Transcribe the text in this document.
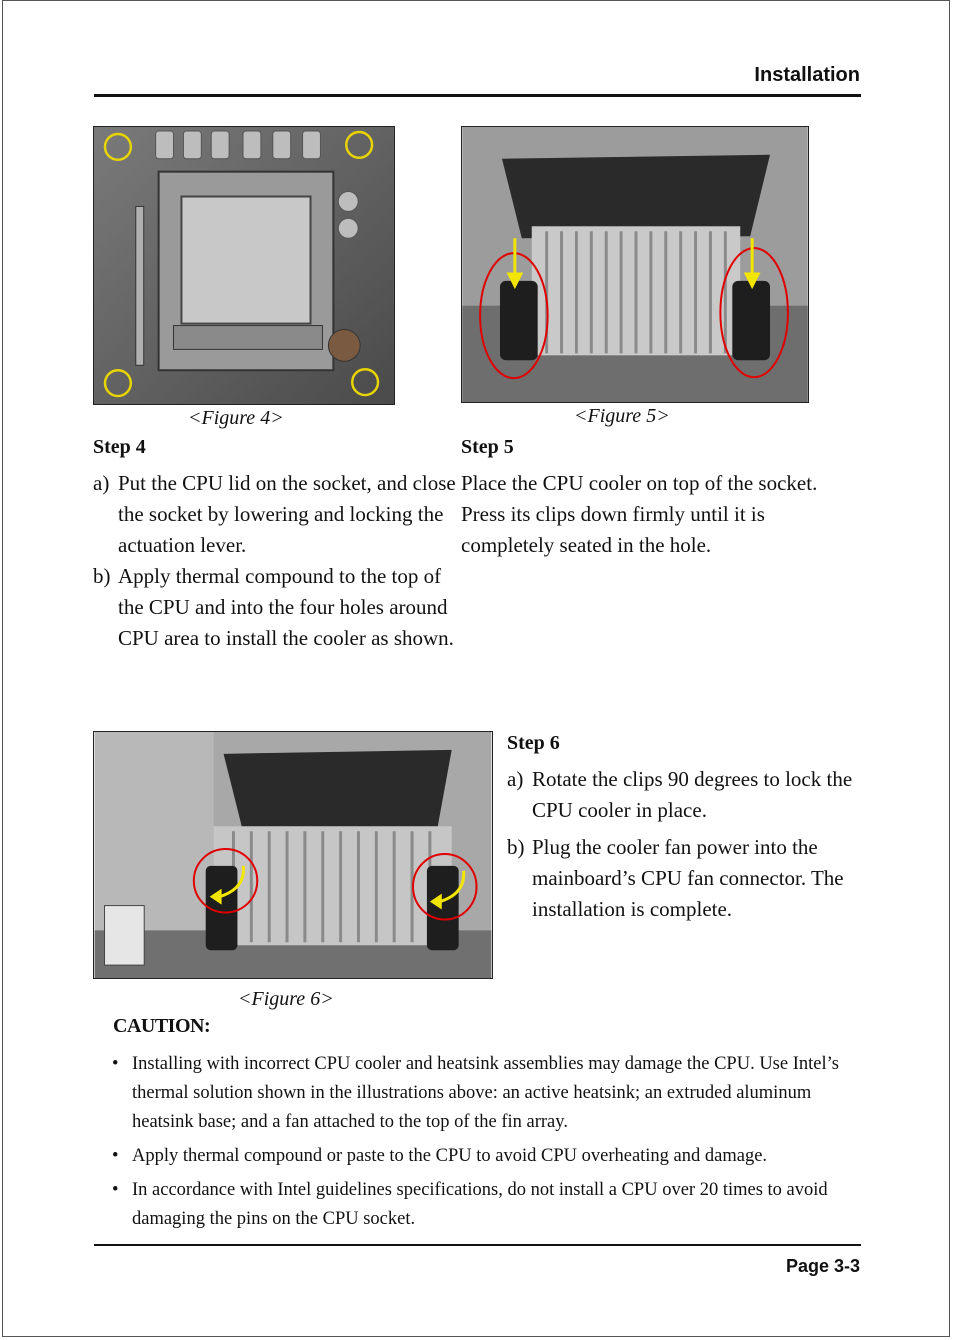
Installation
<Figure 4>	<Figure 5>
Step 4
a) Put the CPU lid on the socket, and close the socket by lowering and locking the actuation lever.
b) Apply thermal compound to the top of the CPU and into the four holes around CPU area to install the cooler as shown.
Step 5
Place the CPU cooler on top of the socket. Press its clips down firmly until it is completely seated in the hole.
<Figure 6>
Step 6
a) Rotate the clips 90 degrees to lock the CPU cooler in place.
b) Plug the cooler fan power into the mainboard’s CPU fan connector. The installation is complete.
CAUTION:
• Installing with incorrect CPU cooler and heatsink assemblies may damage the CPU. Use Intel’s thermal solution shown in the illustrations above: an active heatsink; an extruded aluminum heatsink base; and a fan attached to the top of the fin array.
• Apply thermal compound or paste to the CPU to avoid CPU overheating and damage.
• In accordance with Intel guidelines specifications, do not install a CPU over 20 times to avoid damaging the pins on the CPU socket.
Page 3-3
